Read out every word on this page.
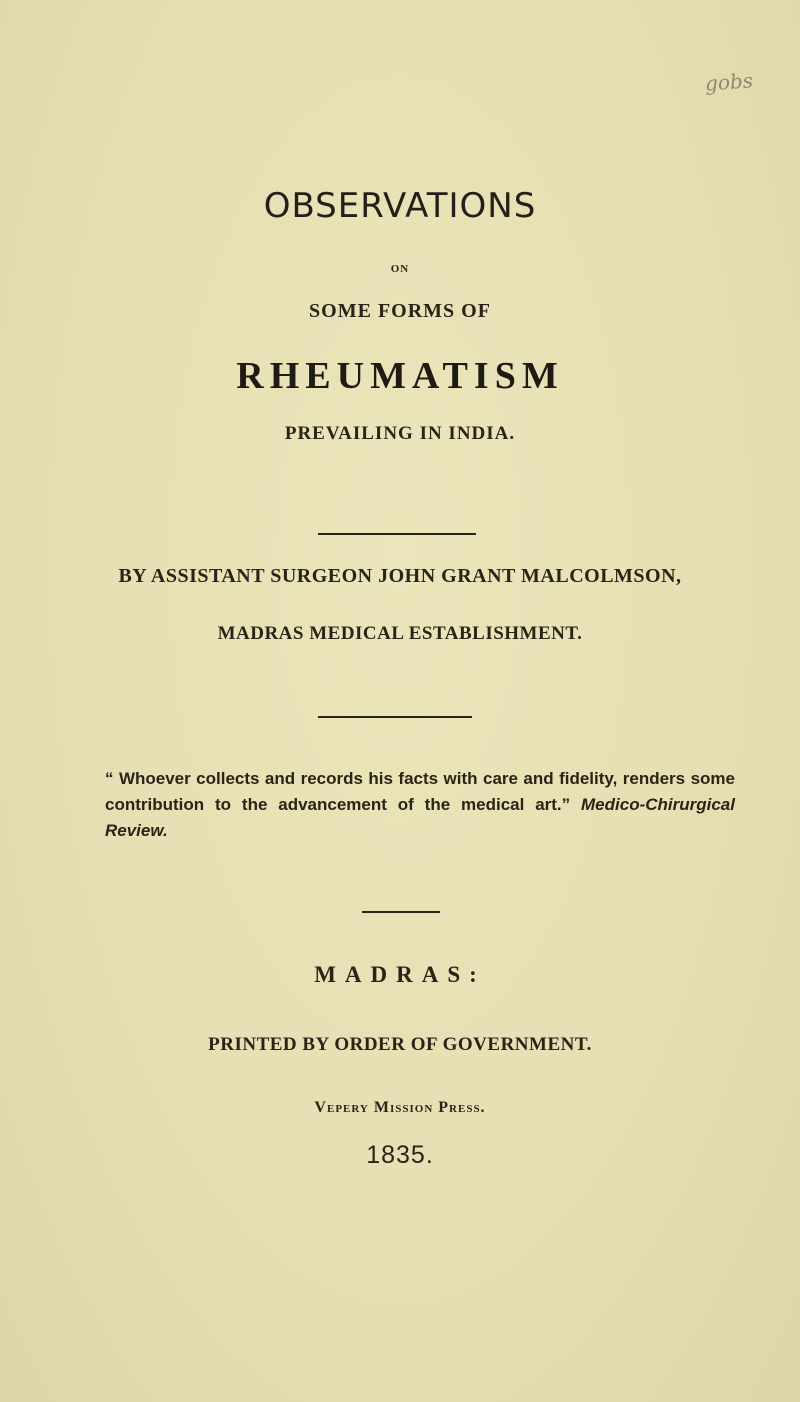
gobs
OBSERVATIONS
ON
SOME FORMS OF
RHEUMATISM
PREVAILING IN INDIA.
BY ASSISTANT SURGEON JOHN GRANT MALCOLMSON,
MADRAS MEDICAL ESTABLISHMENT.
“ Whoever collects and records his facts with care and fidelity, renders some contribution to the advancement of the medical art.” Medico-Chirurgical Review.
MADRAS:
PRINTED BY ORDER OF GOVERNMENT.
Vepery Mission Press.
1835.
